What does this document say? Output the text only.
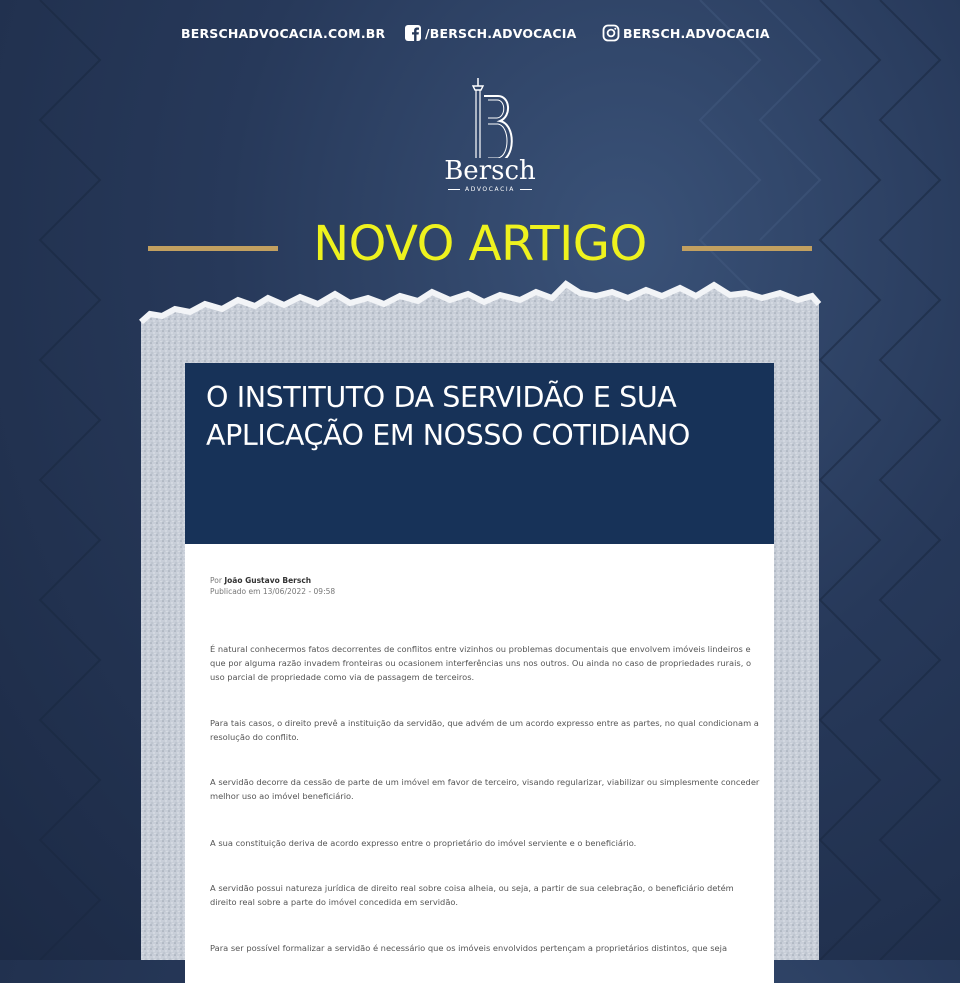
BERSCHADVOCACIA.COM.BR	/BERSCH.ADVOCACIA	BERSCH.ADVOCACIA
Bersch
ADVOCACIA
NOVO ARTIGO
O INSTITUTO DA SERVIDÃO E SUA
APLICAÇÃO EM NOSSO COTIDIANO
Por João Gustavo Bersch
Publicado em 13/06/2022 - 09:58

É natural conhecermos fatos decorrentes de conflitos entre vizinhos ou problemas documentais que envolvem imóveis lindeiros e que por alguma razão invadem fronteiras ou ocasionem interferências uns nos outros. Ou ainda no caso de propriedades rurais, o uso parcial de propriedade como via de passagem de terceiros.

Para tais casos, o direito prevê a instituição da servidão, que advém de um acordo expresso entre as partes, no qual condicionam a resolução do conflito.

A servidão decorre da cessão de parte de um imóvel em favor de terceiro, visando regularizar, viabilizar ou simplesmente conceder melhor uso ao imóvel beneficiário.

A sua constituição deriva de acordo expresso entre o proprietário do imóvel serviente e o beneficiário.

A servidão possui natureza jurídica de direito real sobre coisa alheia, ou seja, a partir de sua celebração, o beneficiário detém direito real sobre a parte do imóvel concedida em servidão.

Para ser possível formalizar a servidão é necessário que os imóveis envolvidos pertençam a proprietários distintos, que seja
